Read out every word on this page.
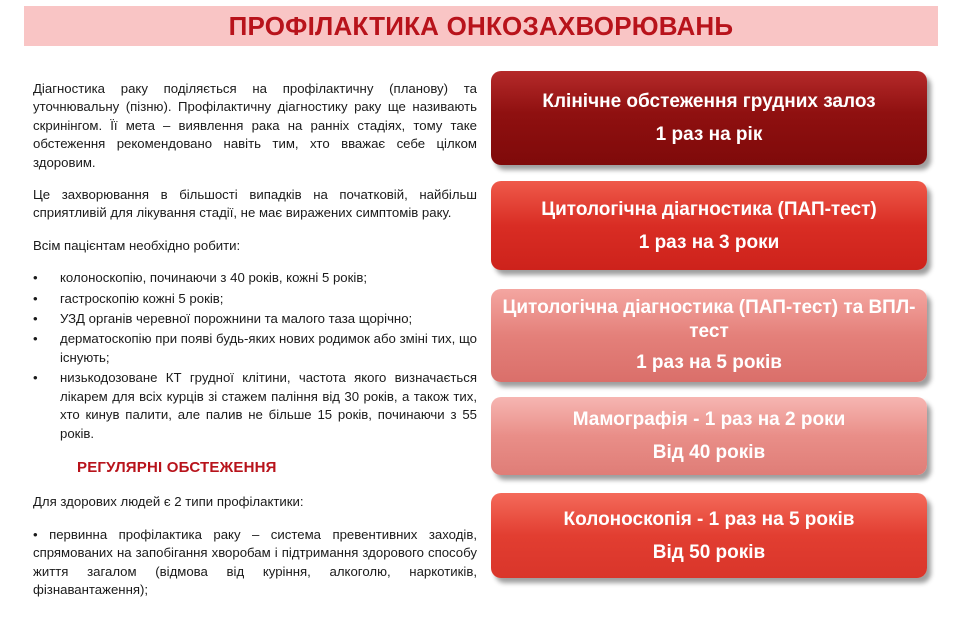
ПРОФІЛАКТИКА ОНКОЗАХВОРЮВАНЬ

Діагностика раку поділяється на профілактичну (планову) та уточнювальну (пізню). Профілактичну діагностику раку ще називають скринінгом. Її мета – виявлення рака на ранніх стадіях, тому таке обстеження рекомендовано навіть тим, хто вважає себе цілком здоровим.

Це захворювання в більшості випадків на початковій, найбільш сприятливій для лікування стадії, не має виражених симптомів раку.

Всім пацієнтам необхідно робити:

•	колоноскопію, починаючи з 40 років, кожні 5 років;
•	гастроскопію кожні 5 років;
•	УЗД органів черевної порожнини та малого таза щорічно;
•	дерматоскопію при появі будь-яких нових родимок або зміні тих, що існують;
•	низькодозоване КТ грудної клітини, частота якого визначається лікарем для всіх курців зі стажем паління від 30 років, а також тих, хто кинув палити, але палив не більше 15 років, починаючи з 55 років.
РЕГУЛЯРНІ ОБСТЕЖЕННЯ

Для здорових людей є 2 типи профілактики:

• первинна профілактика раку – система превентивних заходів, спрямованих на запобігання хворобам і підтримання здорового способу життя загалом (відмова від куріння, алкоголю, наркотиків, фізнавантаження);

Клінічне обстеження грудних залоз
1 раз на рік
Цитологічна діагностика (ПАП-тест)
1 раз на 3 роки
Цитологічна діагностика (ПАП-тест) та ВПЛ-тест
1 раз на 5 років
Мамографія - 1 раз на 2 роки
Від 40 років
Колоноскопія - 1 раз на 5 років
Від 50 років
